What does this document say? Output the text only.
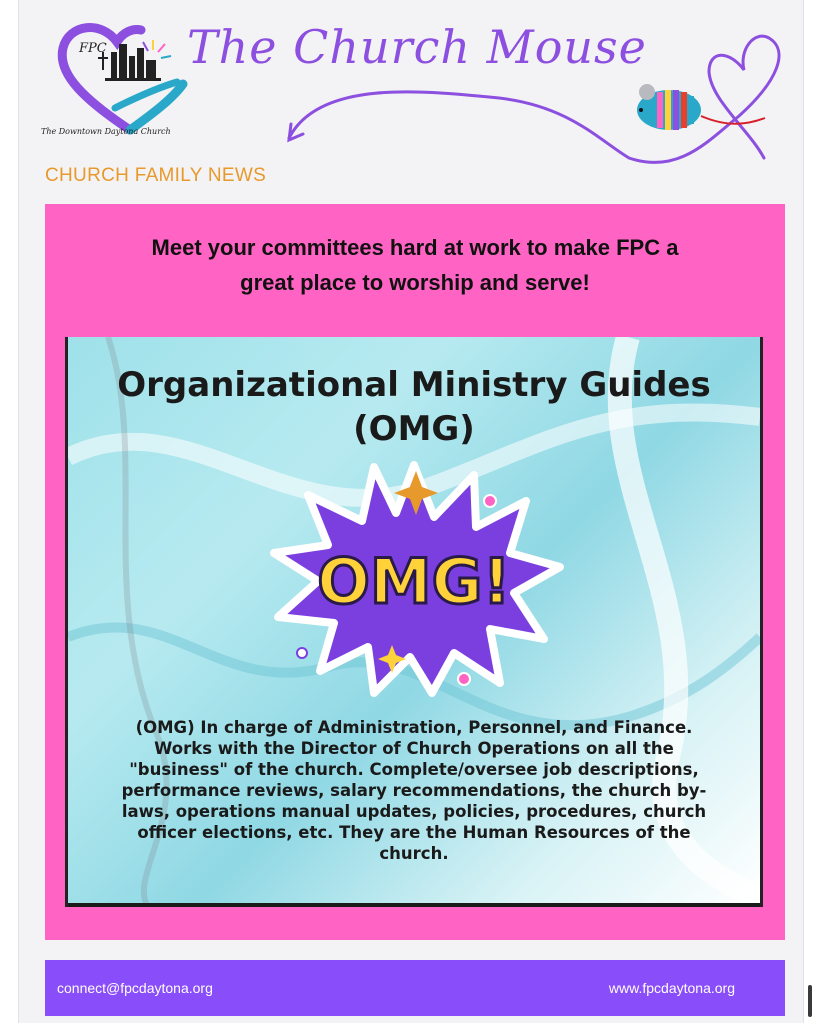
FPC
The Downtown Daytona Church
The Church Mouse
CHURCH FAMILY NEWS
Meet your committees hard at work to make FPC a
great place to worship and serve!
Organizational Ministry Guides
(OMG)
OMG!
(OMG) In charge of Administration, Personnel, and Finance.
Works with the Director of Church Operations on all the
"business" of the church. Complete/oversee job descriptions,
performance reviews, salary recommendations, the church by-
laws, operations manual updates, policies, procedures, church
officer elections, etc. They are the Human Resources of the
church.
connect@fpcdaytona.org	www.fpcdaytona.org
